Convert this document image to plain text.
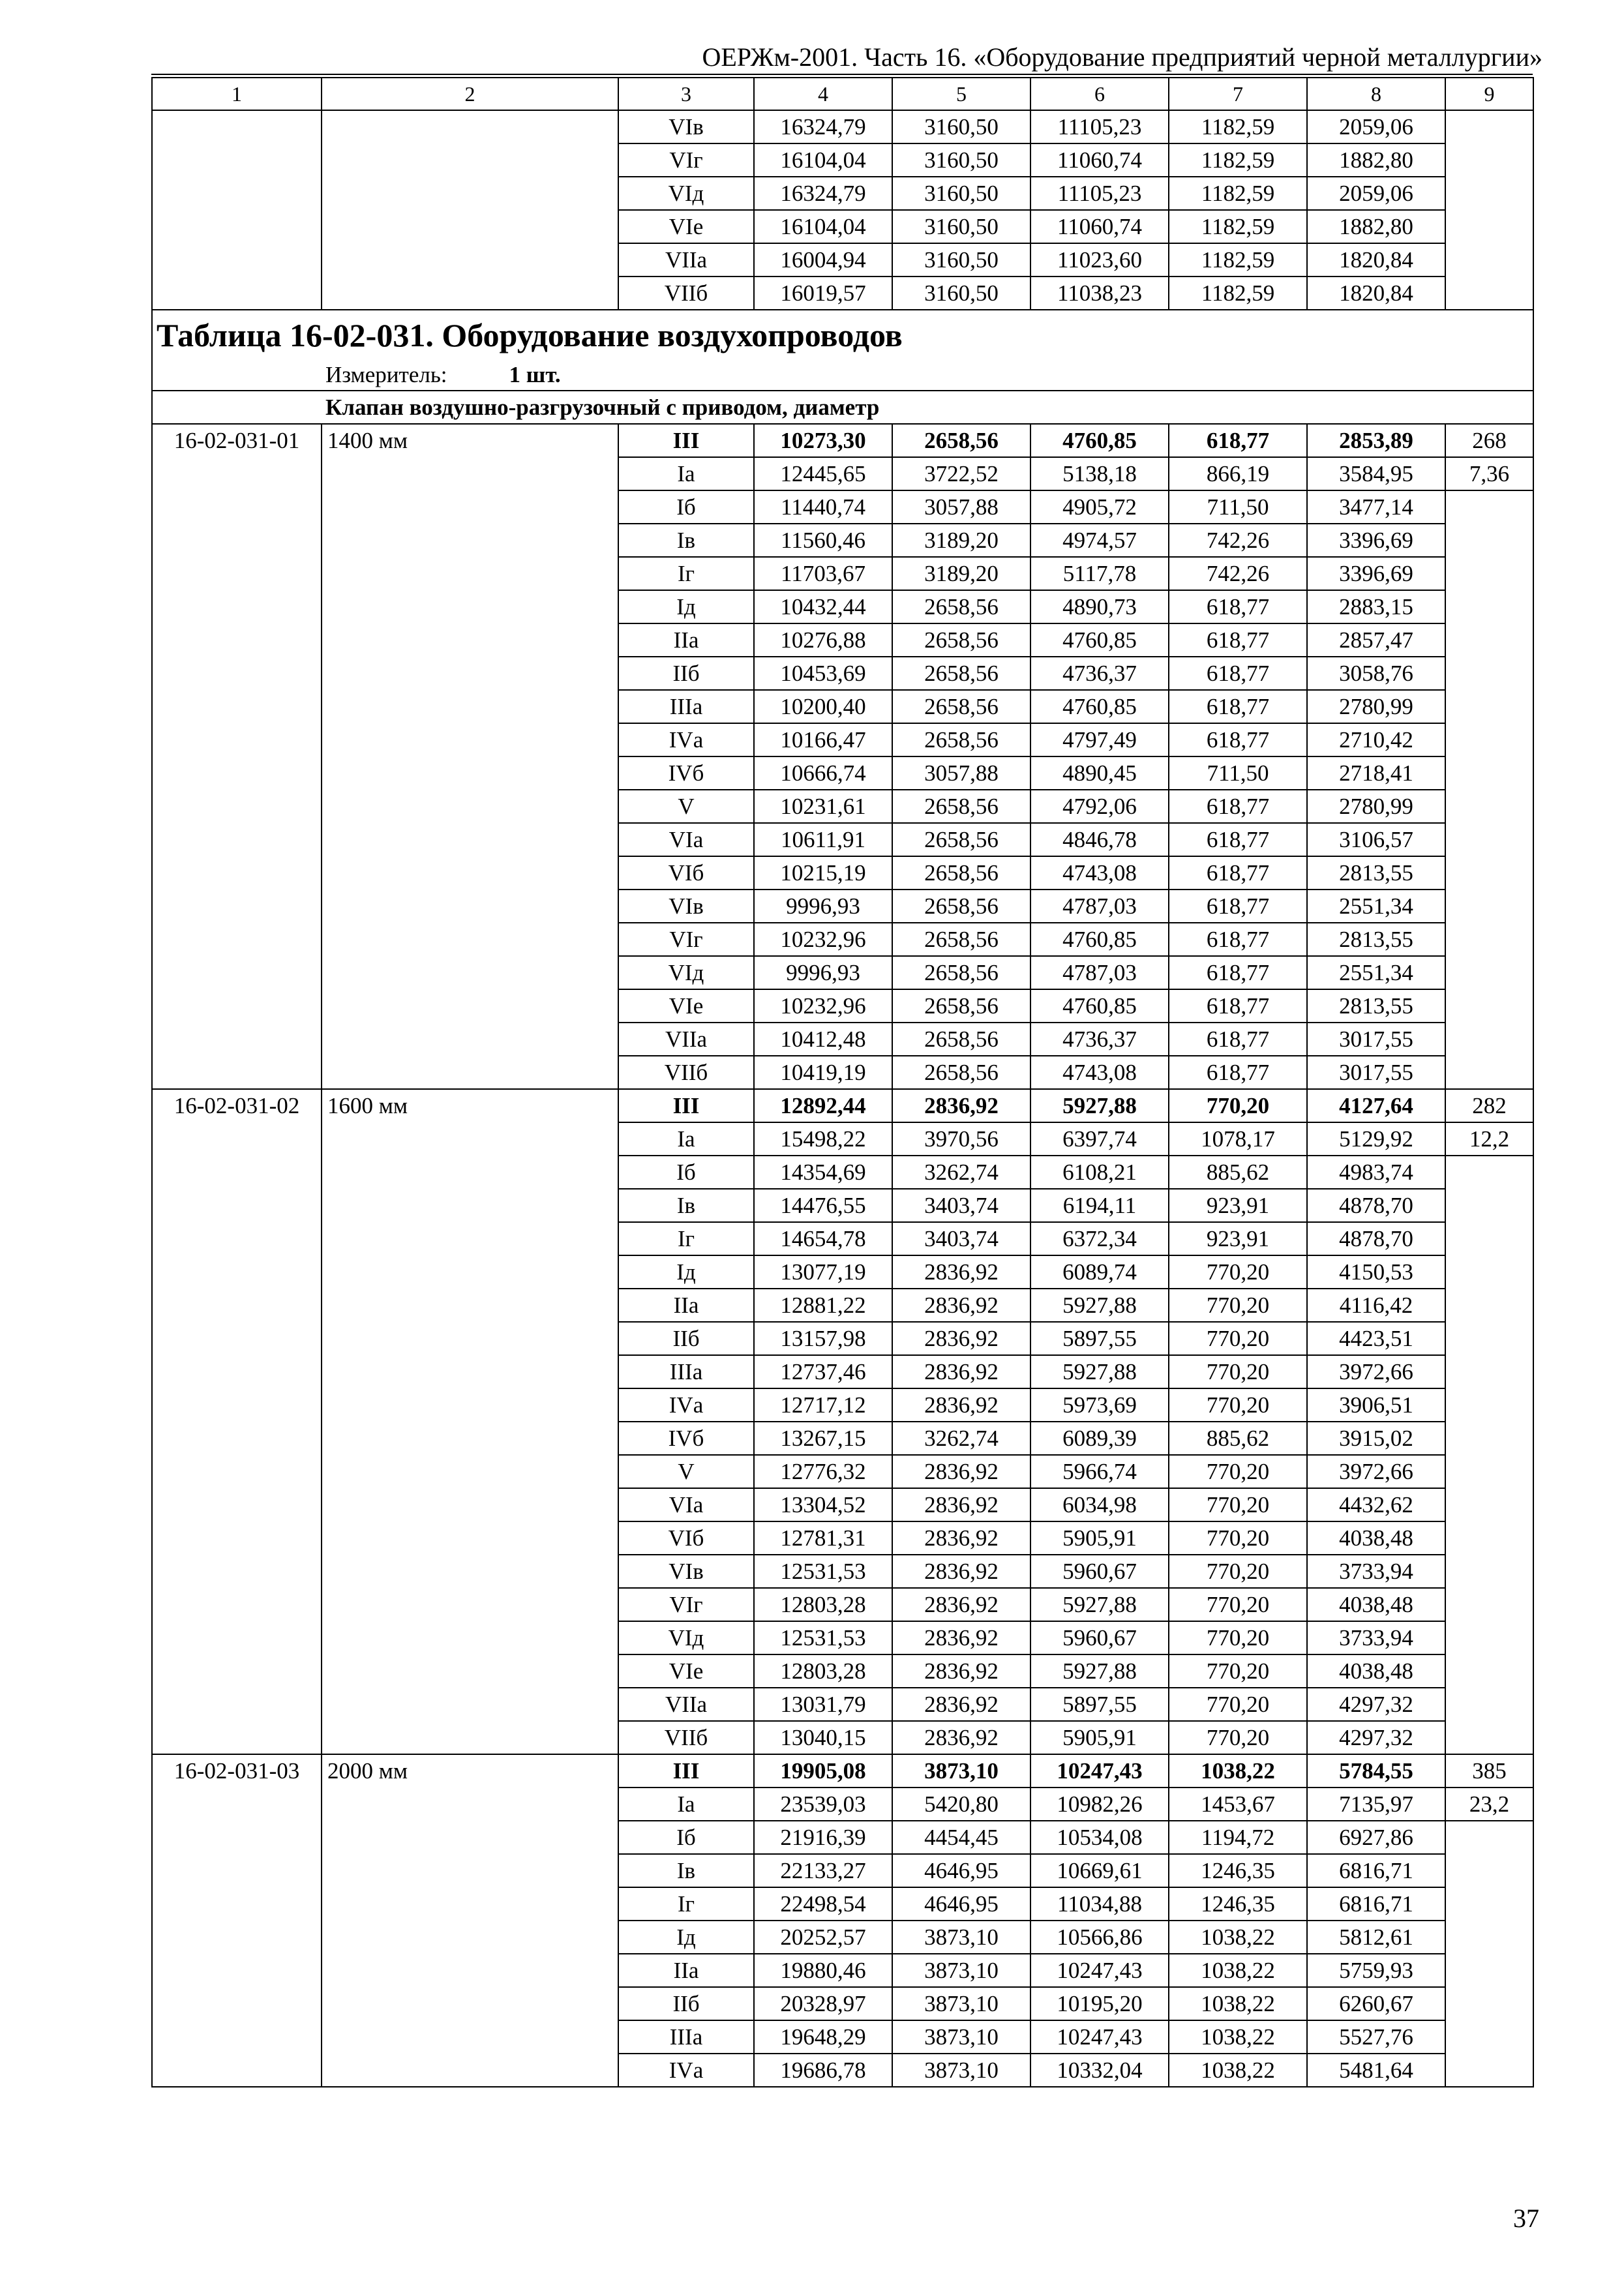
ОЕРЖм-2001. Часть 16. «Оборудование предприятий черной металлургии»
1	2	3	4	5	6	7	8	9
		VIв	16324,79	3160,50	11105,23	1182,59	2059,06	
		VIг	16104,04	3160,50	11060,74	1182,59	1882,80	
		VIд	16324,79	3160,50	11105,23	1182,59	2059,06	
		VIе	16104,04	3160,50	11060,74	1182,59	1882,80	
		VIIа	16004,94	3160,50	11023,60	1182,59	1820,84	
		VIIб	16019,57	3160,50	11038,23	1182,59	1820,84	
Таблица 16-02-031. Оборудование воздухопроводов								
Измеритель: 1 шт.								
Клапан воздушно-разгрузочный с приводом, диаметр								
16-02-031-01	1400 мм	III	10273,30	2658,56	4760,85	618,77	2853,89	268
		Iа	12445,65	3722,52	5138,18	866,19	3584,95	7,36
		Iб	11440,74	3057,88	4905,72	711,50	3477,14	
		Iв	11560,46	3189,20	4974,57	742,26	3396,69	
		Iг	11703,67	3189,20	5117,78	742,26	3396,69	
		Iд	10432,44	2658,56	4890,73	618,77	2883,15	
		IIа	10276,88	2658,56	4760,85	618,77	2857,47	
		IIб	10453,69	2658,56	4736,37	618,77	3058,76	
		IIIа	10200,40	2658,56	4760,85	618,77	2780,99	
		IVа	10166,47	2658,56	4797,49	618,77	2710,42	
		IVб	10666,74	3057,88	4890,45	711,50	2718,41	
		V	10231,61	2658,56	4792,06	618,77	2780,99	
		VIа	10611,91	2658,56	4846,78	618,77	3106,57	
		VIб	10215,19	2658,56	4743,08	618,77	2813,55	
		VIв	9996,93	2658,56	4787,03	618,77	2551,34	
		VIг	10232,96	2658,56	4760,85	618,77	2813,55	
		VIд	9996,93	2658,56	4787,03	618,77	2551,34	
		VIе	10232,96	2658,56	4760,85	618,77	2813,55	
		VIIа	10412,48	2658,56	4736,37	618,77	3017,55	
		VIIб	10419,19	2658,56	4743,08	618,77	3017,55	
16-02-031-02	1600 мм	III	12892,44	2836,92	5927,88	770,20	4127,64	282
		Iа	15498,22	3970,56	6397,74	1078,17	5129,92	12,2
		Iб	14354,69	3262,74	6108,21	885,62	4983,74	
		Iв	14476,55	3403,74	6194,11	923,91	4878,70	
		Iг	14654,78	3403,74	6372,34	923,91	4878,70	
		Iд	13077,19	2836,92	6089,74	770,20	4150,53	
		IIа	12881,22	2836,92	5927,88	770,20	4116,42	
		IIб	13157,98	2836,92	5897,55	770,20	4423,51	
		IIIа	12737,46	2836,92	5927,88	770,20	3972,66	
		IVа	12717,12	2836,92	5973,69	770,20	3906,51	
		IVб	13267,15	3262,74	6089,39	885,62	3915,02	
		V	12776,32	2836,92	5966,74	770,20	3972,66	
		VIа	13304,52	2836,92	6034,98	770,20	4432,62	
		VIб	12781,31	2836,92	5905,91	770,20	4038,48	
		VIв	12531,53	2836,92	5960,67	770,20	3733,94	
		VIг	12803,28	2836,92	5927,88	770,20	4038,48	
		VIд	12531,53	2836,92	5960,67	770,20	3733,94	
		VIе	12803,28	2836,92	5927,88	770,20	4038,48	
		VIIа	13031,79	2836,92	5897,55	770,20	4297,32	
		VIIб	13040,15	2836,92	5905,91	770,20	4297,32	
16-02-031-03	2000 мм	III	19905,08	3873,10	10247,43	1038,22	5784,55	385
		Iа	23539,03	5420,80	10982,26	1453,67	7135,97	23,2
		Iб	21916,39	4454,45	10534,08	1194,72	6927,86	
		Iв	22133,27	4646,95	10669,61	1246,35	6816,71	
		Iг	22498,54	4646,95	11034,88	1246,35	6816,71	
		Iд	20252,57	3873,10	10566,86	1038,22	5812,61	
		IIа	19880,46	3873,10	10247,43	1038,22	5759,93	
		IIб	20328,97	3873,10	10195,20	1038,22	6260,67	
		IIIа	19648,29	3873,10	10247,43	1038,22	5527,76	
		IVа	19686,78	3873,10	10332,04	1038,22	5481,64	
37
